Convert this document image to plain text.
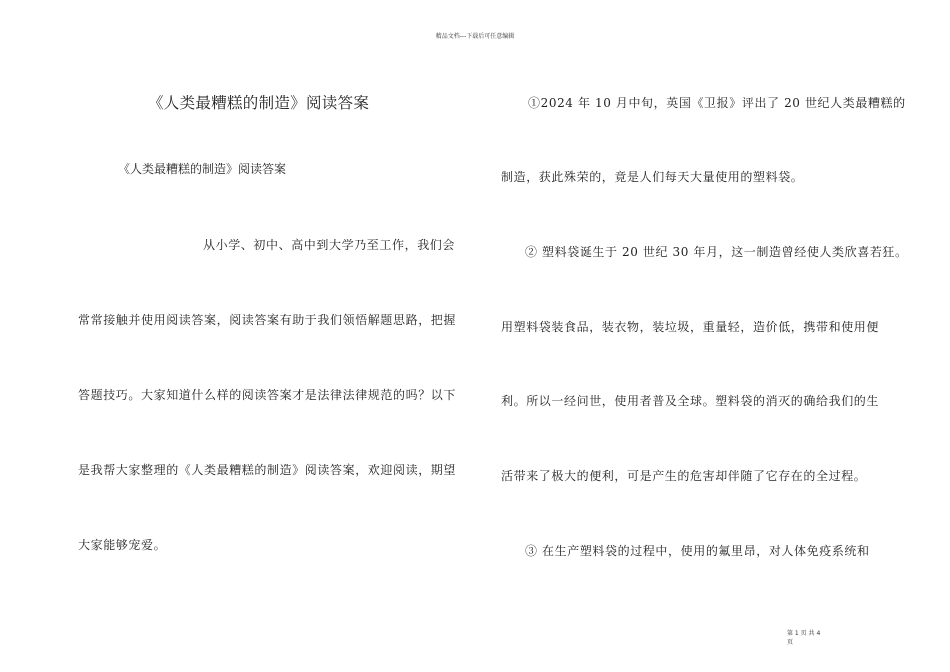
精品文档---下载后可任意编辑
《人类最糟糕的制造》阅读答案
《人类最糟糕的制造》阅读答案
从小学、初中、高中到大学乃至工作，我们会
常常接触并使用阅读答案，阅读答案有助于我们领悟解题思路，把握
答题技巧。大家知道什么样的阅读答案才是法律法律规范的吗？以下
是我帮大家整理的《人类最糟糕的制造》阅读答案，欢迎阅读，期望
大家能够宠爱。
①2024 年 10 月中旬，英国《卫报》评出了 20 世纪人类最糟糕的
制造，获此殊荣的，竟是人们每天大量使用的塑料袋。
② 塑料袋诞生于 20 世纪 30 年月，这一制造曾经使人类欣喜若狂。
用塑料袋装食品，装衣物，装垃圾，重量轻，造价低，携带和使用便
利。所以一经问世，使用者普及全球。塑料袋的消灭的确给我们的生
活带来了极大的便利，可是产生的危害却伴随了它存在的全过程。
③ 在生产塑料袋的过程中，使用的氟里昂，对人体免疫系统和
第 1 页 共 4
页
